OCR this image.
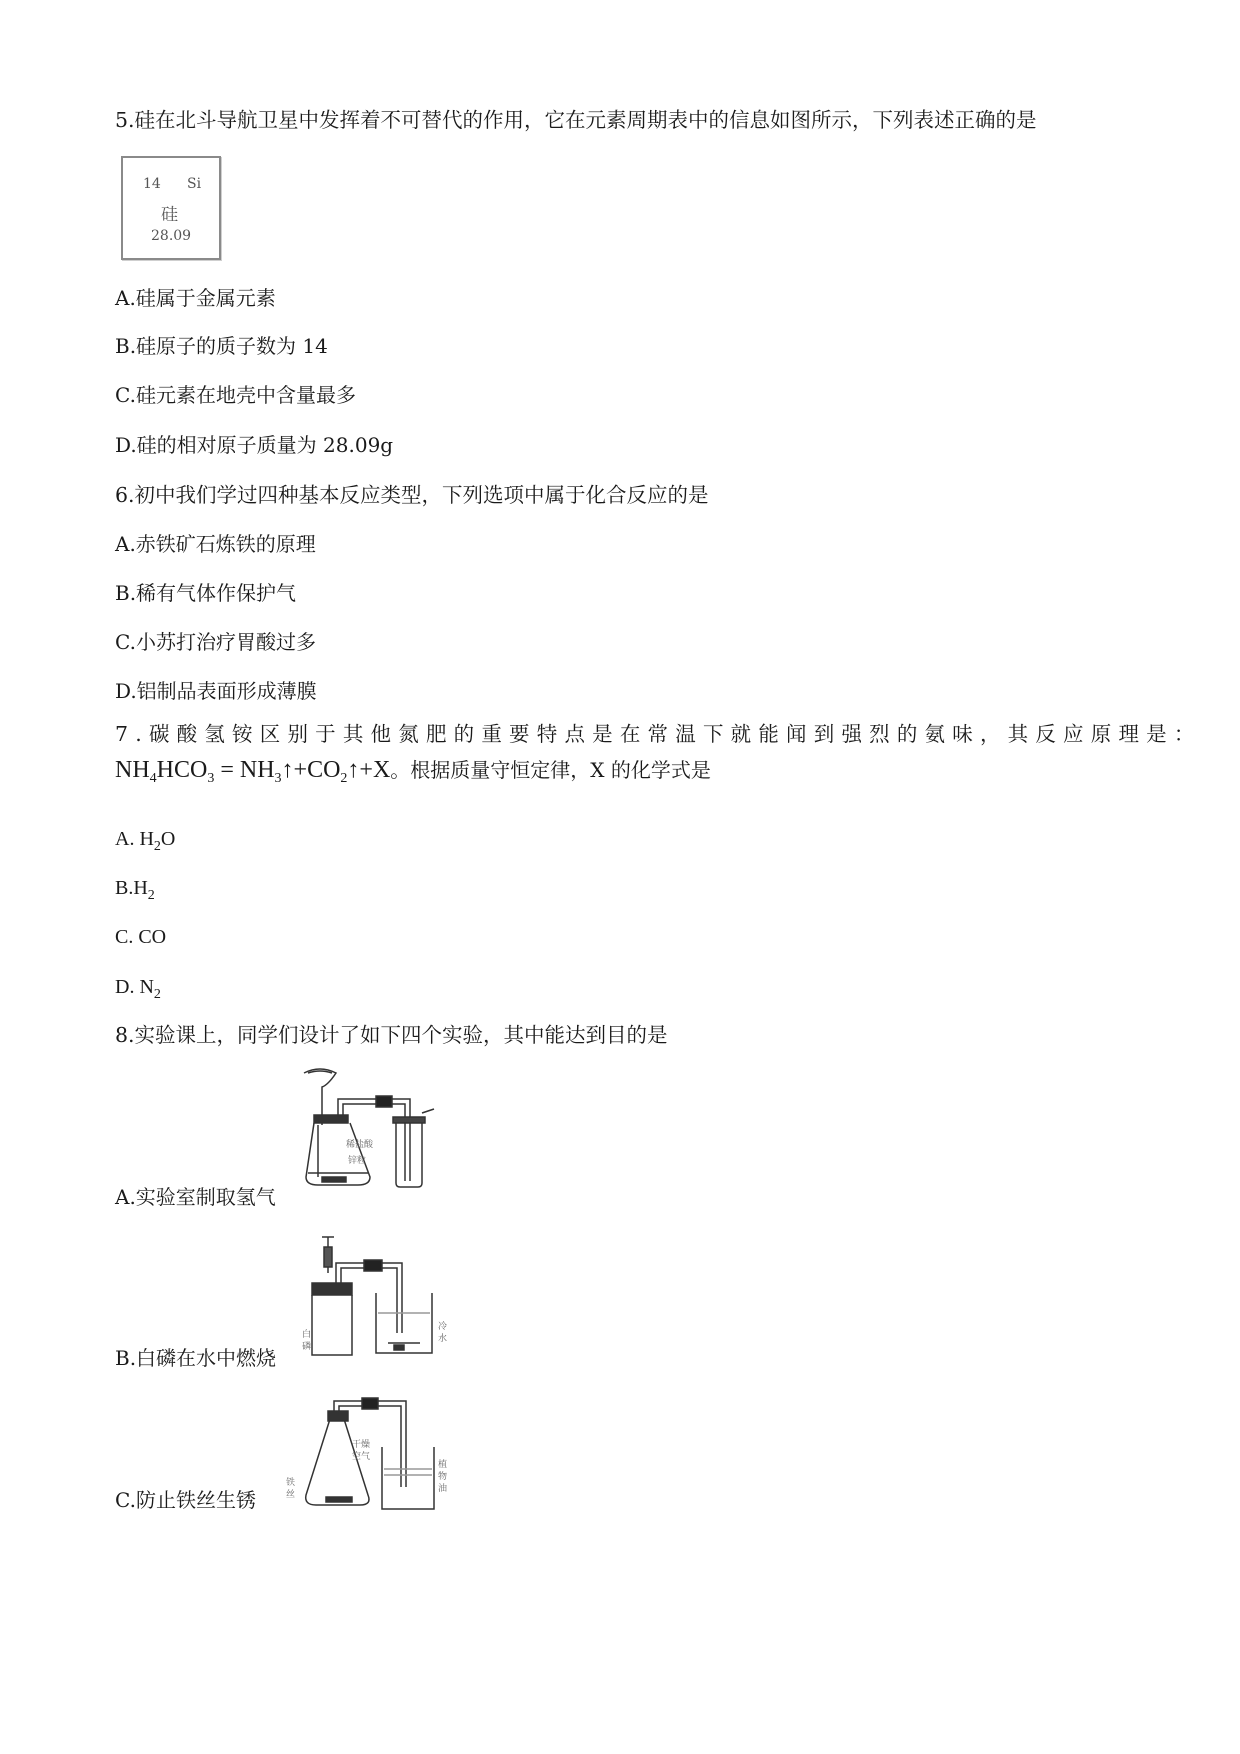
5.硅在北斗导航卫星中发挥着不可替代的作用，它在元素周期表中的信息如图所示，下列表述正确的是
14 Si
硅
28.09
A.硅属于金属元素
B.硅原子的质子数为 14
C.硅元素在地壳中含量最多
D.硅的相对原子质量为 28.09g
6.初中我们学过四种基本反应类型，下列选项中属于化合反应的是
A.赤铁矿石炼铁的原理
B.稀有气体作保护气
C.小苏打治疗胃酸过多
D.铝制品表面形成薄膜
7.碳酸氢铵区别于其他氮肥的重要特点是在常温下就能闻到强烈的氨味，其反应原理是：
$NH_4HCO_3$ = $NH_3↑+CO_2↑+X$。根据质量守恒定律，X 的化学式是
A. $H_2O$
$B.H_2$
C. CO
D. $N_2$
8.实验课上，同学们设计了如下四个实验，其中能达到目的是
A.实验室制取氢气
稀盐酸
锌粒
B.白磷在水中燃烧
白
磷
冷
水
C.防止铁丝生锈
铁
丝
干燥
空气
植
物
油
